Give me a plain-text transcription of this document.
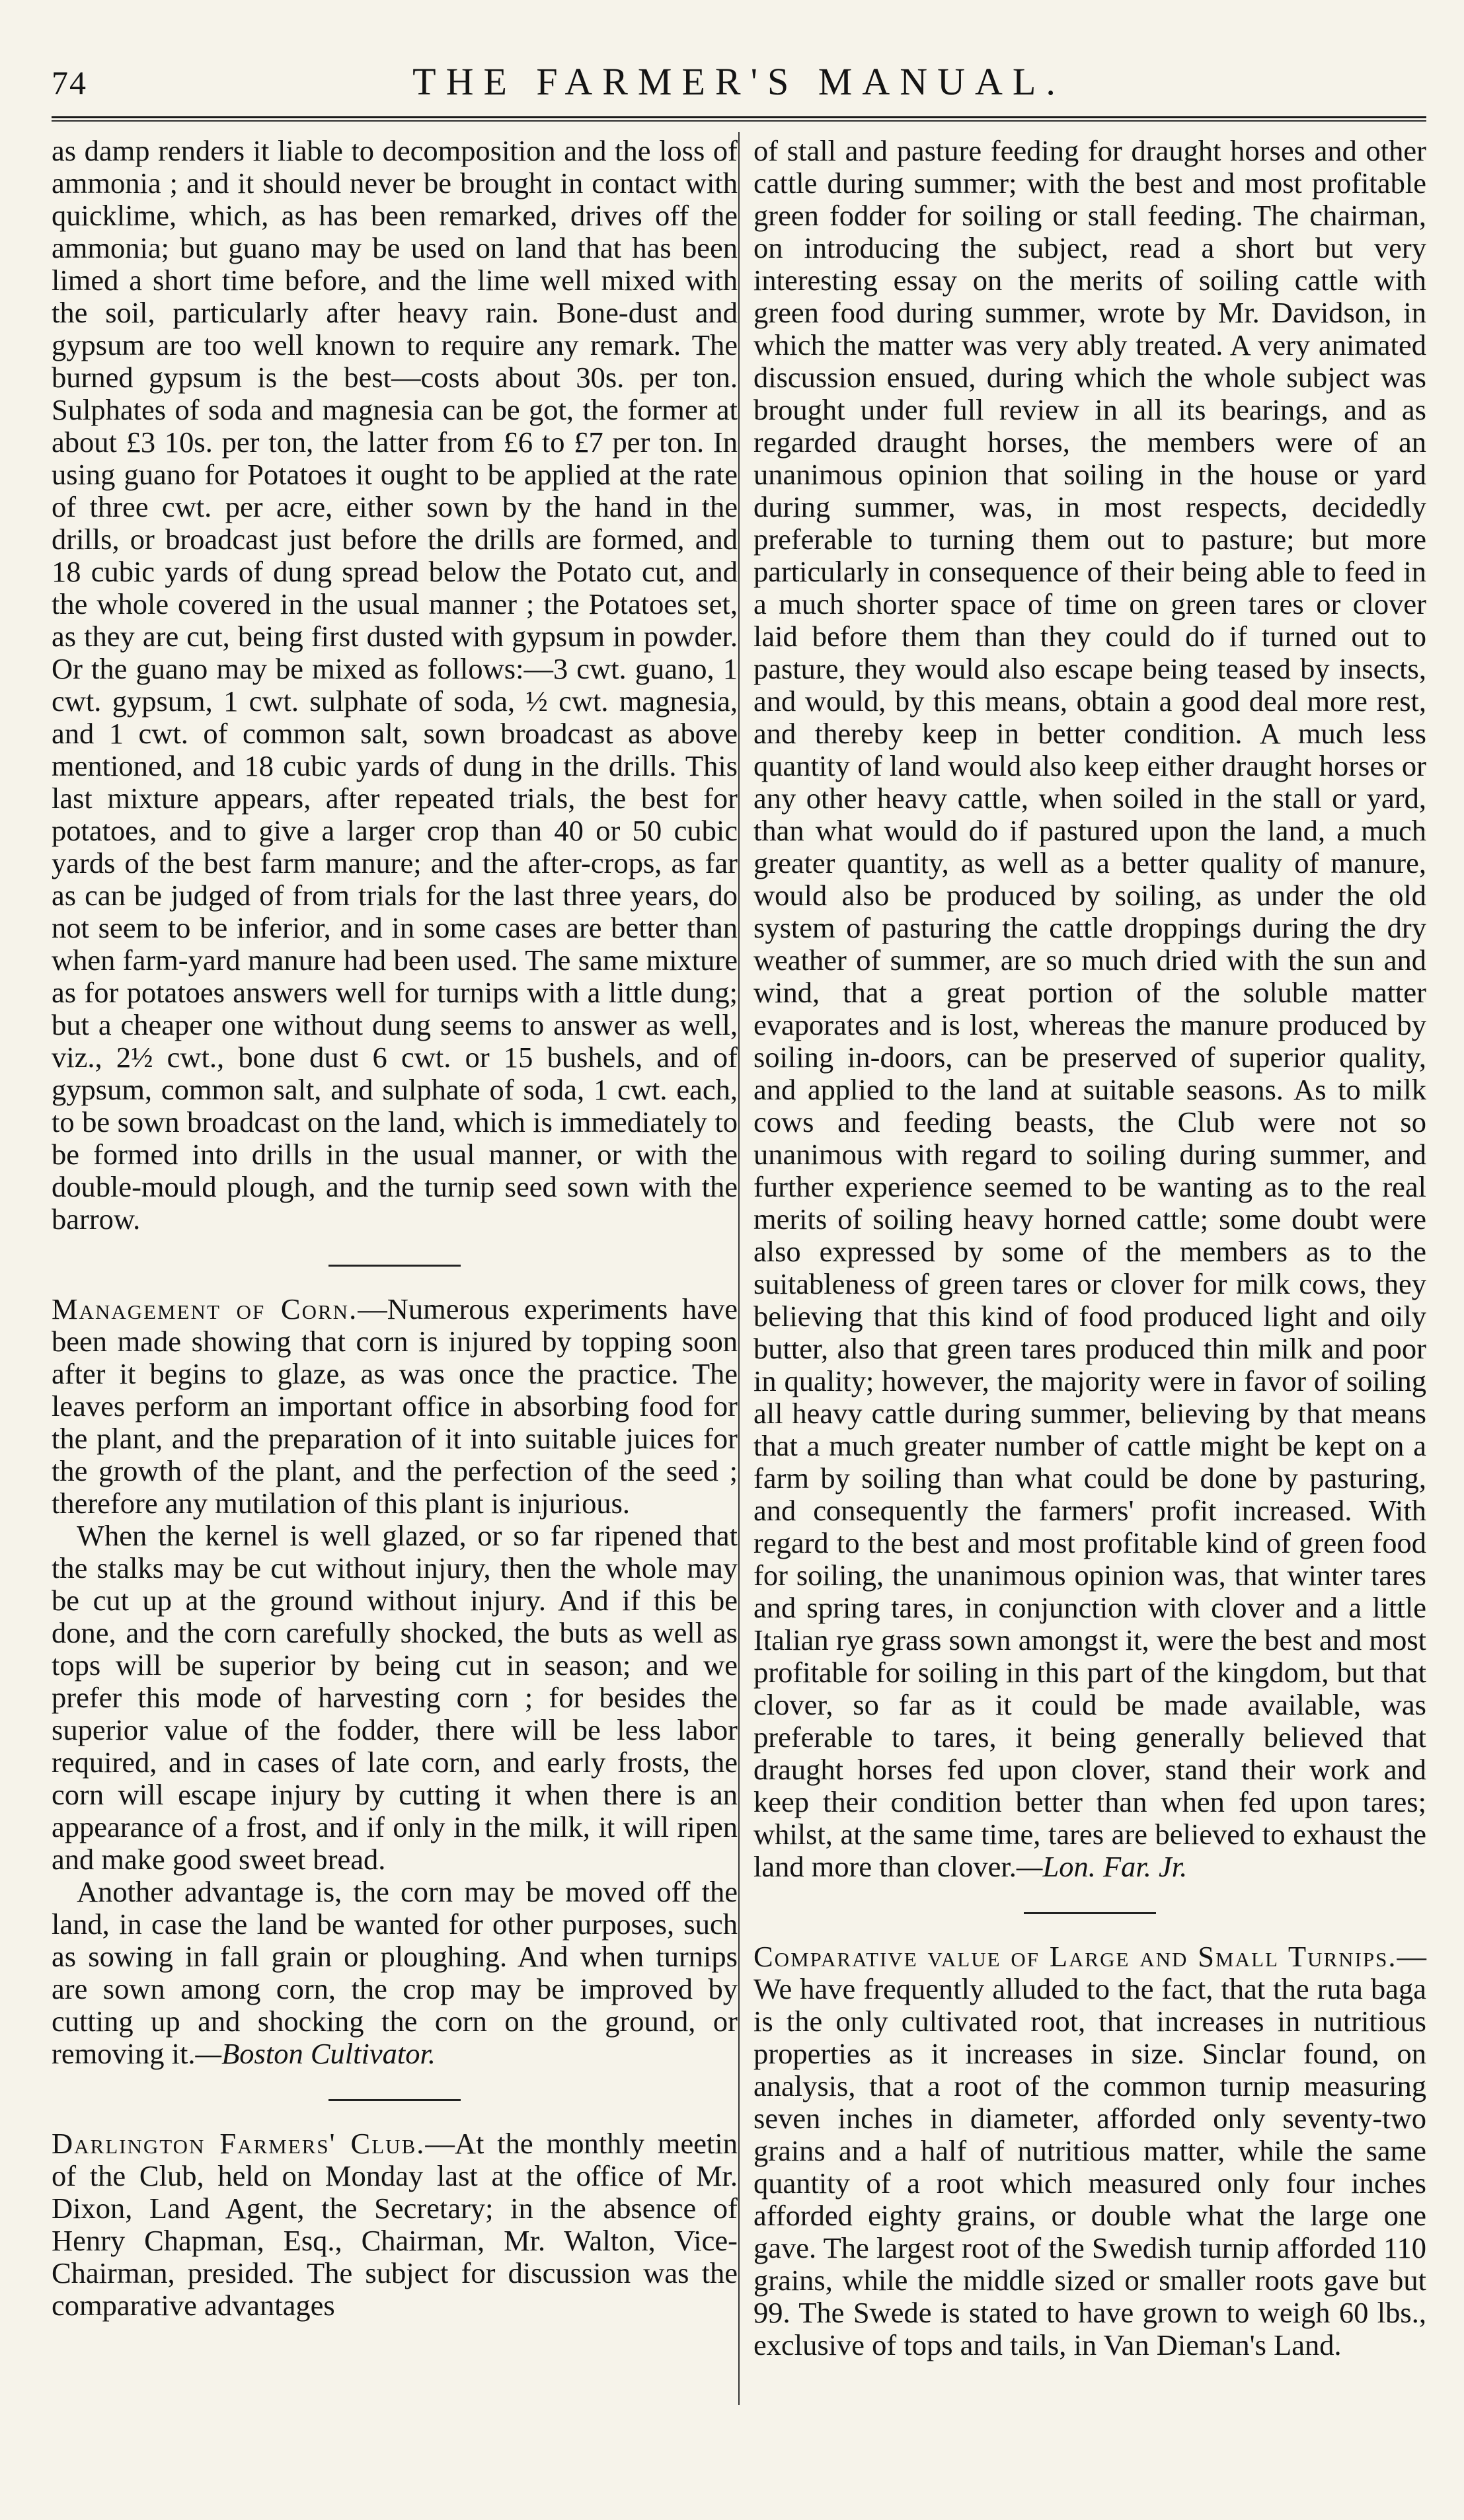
74	THE FARMER'S MANUAL.

as damp renders it liable to decomposition and the loss of ammonia ; and it should never be brought in contact with quicklime, which, as has been remarked, drives off the ammonia; but guano may be used on land that has been limed a short time before, and the lime well mixed with the soil, particularly after heavy rain. Bone-dust and gypsum are too well known to require any remark. The burned gypsum is the best—costs about 30s. per ton. Sulphates of soda and magnesia can be got, the former at about £3 10s. per ton, the latter from £6 to £7 per ton. In using guano for Potatoes it ought to be applied at the rate of three cwt. per acre, either sown by the hand in the drills, or broadcast just before the drills are formed, and 18 cubic yards of dung spread below the Potato cut, and the whole covered in the usual manner ; the Potatoes set, as they are cut, being first dusted with gypsum in powder. Or the guano may be mixed as follows:—3 cwt. guano, 1 cwt. gypsum, 1 cwt. sulphate of soda, ½ cwt. magnesia, and 1 cwt. of common salt, sown broadcast as above mentioned, and 18 cubic yards of dung in the drills. This last mixture appears, after repeated trials, the best for potatoes, and to give a larger crop than 40 or 50 cubic yards of the best farm manure; and the after-crops, as far as can be judged of from trials for the last three years, do not seem to be inferior, and in some cases are better than when farm-yard manure had been used. The same mixture as for potatoes answers well for turnips with a little dung; but a cheaper one without dung seems to answer as well, viz., 2½ cwt., bone dust 6 cwt. or 15 bushels, and of gypsum, common salt, and sulphate of soda, 1 cwt. each, to be sown broadcast on the land, which is immediately to be formed into drills in the usual manner, or with the double-mould plough, and the turnip seed sown with the barrow.

Management of Corn.—Numerous experiments have been made showing that corn is injured by topping soon after it begins to glaze, as was once the practice. The leaves perform an important office in absorbing food for the plant, and the preparation of it into suitable juices for the growth of the plant, and the perfection of the seed ; therefore any mutilation of this plant is injurious.

When the kernel is well glazed, or so far ripened that the stalks may be cut without injury, then the whole may be cut up at the ground without injury. And if this be done, and the corn carefully shocked, the buts as well as tops will be superior by being cut in season; and we prefer this mode of harvesting corn ; for besides the superior value of the fodder, there will be less labor required, and in cases of late corn, and early frosts, the corn will escape injury by cutting it when there is an appearance of a frost, and if only in the milk, it will ripen and make good sweet bread.

Another advantage is, the corn may be moved off the land, in case the land be wanted for other purposes, such as sowing in fall grain or ploughing. And when turnips are sown among corn, the crop may be improved by cutting up and shocking the corn on the ground, or removing it.—Boston Cultivator.

Darlington Farmers' Club.—At the monthly meetin of the Club, held on Monday last at the office of Mr. Dixon, Land Agent, the Secretary; in the absence of Henry Chapman, Esq., Chairman, Mr. Walton, Vice-Chairman, presided. The subject for discussion was the comparative advantages

of stall and pasture feeding for draught horses and other cattle during summer; with the best and most profitable green fodder for soiling or stall feeding. The chairman, on introducing the subject, read a short but very interesting essay on the merits of soiling cattle with green food during summer, wrote by Mr. Davidson, in which the matter was very ably treated. A very animated discussion ensued, during which the whole subject was brought under full review in all its bearings, and as regarded draught horses, the members were of an unanimous opinion that soiling in the house or yard during summer, was, in most respects, decidedly preferable to turning them out to pasture; but more particularly in consequence of their being able to feed in a much shorter space of time on green tares or clover laid before them than they could do if turned out to pasture, they would also escape being teased by insects, and would, by this means, obtain a good deal more rest, and thereby keep in better condition. A much less quantity of land would also keep either draught horses or any other heavy cattle, when soiled in the stall or yard, than what would do if pastured upon the land, a much greater quantity, as well as a better quality of manure, would also be produced by soiling, as under the old system of pasturing the cattle droppings during the dry weather of summer, are so much dried with the sun and wind, that a great portion of the soluble matter evaporates and is lost, whereas the manure produced by soiling in-doors, can be preserved of superior quality, and applied to the land at suitable seasons. As to milk cows and feeding beasts, the Club were not so unanimous with regard to soiling during summer, and further experience seemed to be wanting as to the real merits of soiling heavy horned cattle; some doubt were also expressed by some of the members as to the suitableness of green tares or clover for milk cows, they believing that this kind of food produced light and oily butter, also that green tares produced thin milk and poor in quality; however, the majority were in favor of soiling all heavy cattle during summer, believing by that means that a much greater number of cattle might be kept on a farm by soiling than what could be done by pasturing, and consequently the farmers' profit increased. With regard to the best and most profitable kind of green food for soiling, the unanimous opinion was, that winter tares and spring tares, in conjunction with clover and a little Italian rye grass sown amongst it, were the best and most profitable for soiling in this part of the kingdom, but that clover, so far as it could be made available, was preferable to tares, it being generally believed that draught horses fed upon clover, stand their work and keep their condition better than when fed upon tares; whilst, at the same time, tares are believed to exhaust the land more than clover.—Lon. Far. Jr.

Comparative value of Large and Small Turnips.—We have frequently alluded to the fact, that the ruta baga is the only cultivated root, that increases in nutritious properties as it increases in size. Sinclar found, on analysis, that a root of the common turnip measuring seven inches in diameter, afforded only seventy-two grains and a half of nutritious matter, while the same quantity of a root which measured only four inches afforded eighty grains, or double what the large one gave. The largest root of the Swedish turnip afforded 110 grains, while the middle sized or smaller roots gave but 99. The Swede is stated to have grown to weigh 60 lbs., exclusive of tops and tails, in Van Dieman's Land.
